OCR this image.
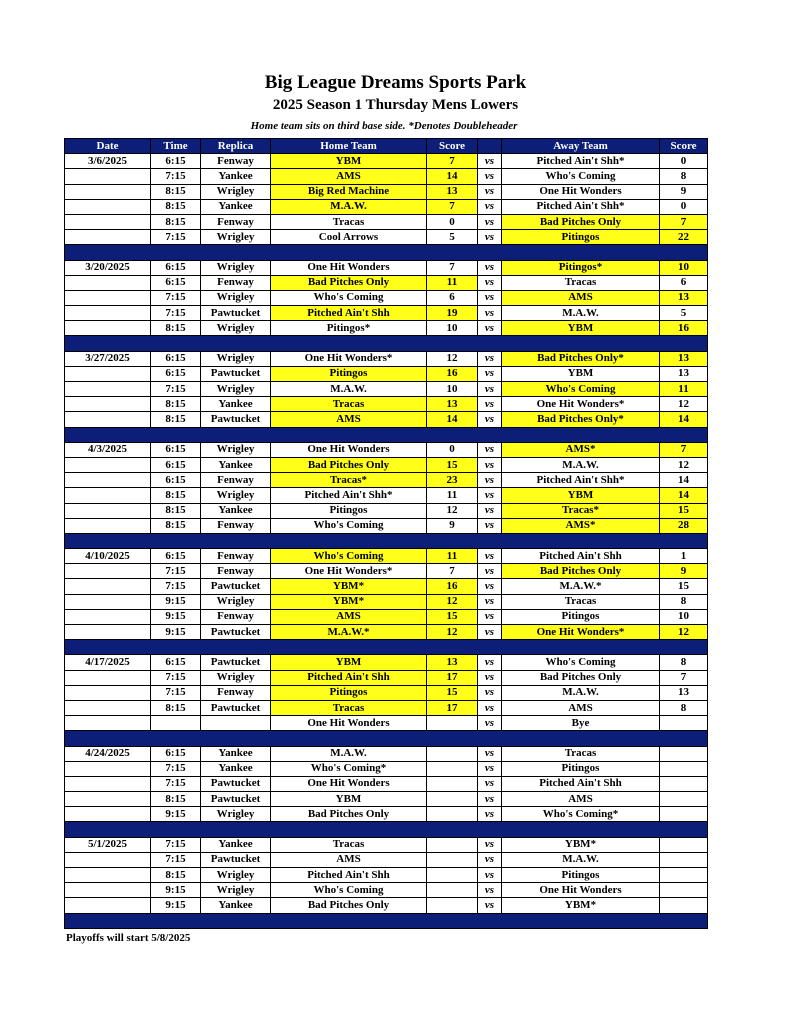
Big League Dreams Sports Park
2025 Season 1 Thursday Mens Lowers
Home team sits on third base side. *Denotes Doubleheader
Date	Time	Replica	Home Team	Score		Away Team	Score
3/6/2025	6:15	Fenway	YBM	7	vs	Pitched Ain't Shh*	0
	7:15	Yankee	AMS	14	vs	Who's Coming	8
	8:15	Wrigley	Big Red Machine	13	vs	One Hit Wonders	9
	8:15	Yankee	M.A.W.	7	vs	Pitched Ain't Shh*	0
	8:15	Fenway	Tracas	0	vs	Bad Pitches Only	7
	7:15	Wrigley	Cool Arrows	5	vs	Pitingos	22

3/20/2025	6:15	Wrigley	One Hit Wonders	7	vs	Pitingos*	10
	6:15	Fenway	Bad Pitches Only	11	vs	Tracas	6
	7:15	Wrigley	Who's Coming	6	vs	AMS	13
	7:15	Pawtucket	Pitched Ain't Shh	19	vs	M.A.W.	5
	8:15	Wrigley	Pitingos*	10	vs	YBM	16

3/27/2025	6:15	Wrigley	One Hit Wonders*	12	vs	Bad Pitches Only*	13
	6:15	Pawtucket	Pitingos	16	vs	YBM	13
	7:15	Wrigley	M.A.W.	10	vs	Who's Coming	11
	8:15	Yankee	Tracas	13	vs	One Hit Wonders*	12
	8:15	Pawtucket	AMS	14	vs	Bad Pitches Only*	14

4/3/2025	6:15	Wrigley	One Hit Wonders	0	vs	AMS*	7
	6:15	Yankee	Bad Pitches Only	15	vs	M.A.W.	12
	6:15	Fenway	Tracas*	23	vs	Pitched Ain't Shh*	14
	8:15	Wrigley	Pitched Ain't Shh*	11	vs	YBM	14
	8:15	Yankee	Pitingos	12	vs	Tracas*	15
	8:15	Fenway	Who's Coming	9	vs	AMS*	28

4/10/2025	6:15	Fenway	Who's Coming	11	vs	Pitched Ain't Shh	1
	7:15	Fenway	One Hit Wonders*	7	vs	Bad Pitches Only	9
	7:15	Pawtucket	YBM*	16	vs	M.A.W.*	15
	9:15	Wrigley	YBM*	12	vs	Tracas	8
	9:15	Fenway	AMS	15	vs	Pitingos	10
	9:15	Pawtucket	M.A.W.*	12	vs	One Hit Wonders*	12

4/17/2025	6:15	Pawtucket	YBM	13	vs	Who's Coming	8
	7:15	Wrigley	Pitched Ain't Shh	17	vs	Bad Pitches Only	7
	7:15	Fenway	Pitingos	15	vs	M.A.W.	13
	8:15	Pawtucket	Tracas	17	vs	AMS	8
			One Hit Wonders		vs	Bye	

4/24/2025	6:15	Yankee	M.A.W.		vs	Tracas	
	7:15	Yankee	Who's Coming*		vs	Pitingos	
	7:15	Pawtucket	One Hit Wonders		vs	Pitched Ain't Shh	
	8:15	Pawtucket	YBM		vs	AMS	
	9:15	Wrigley	Bad Pitches Only		vs	Who's Coming*	

5/1/2025	7:15	Yankee	Tracas		vs	YBM*	
	7:15	Pawtucket	AMS		vs	M.A.W.	
	8:15	Wrigley	Pitched Ain't Shh		vs	Pitingos	
	9:15	Wrigley	Who's Coming		vs	One Hit Wonders	
	9:15	Yankee	Bad Pitches Only		vs	YBM*	

Playoffs will start 5/8/2025
